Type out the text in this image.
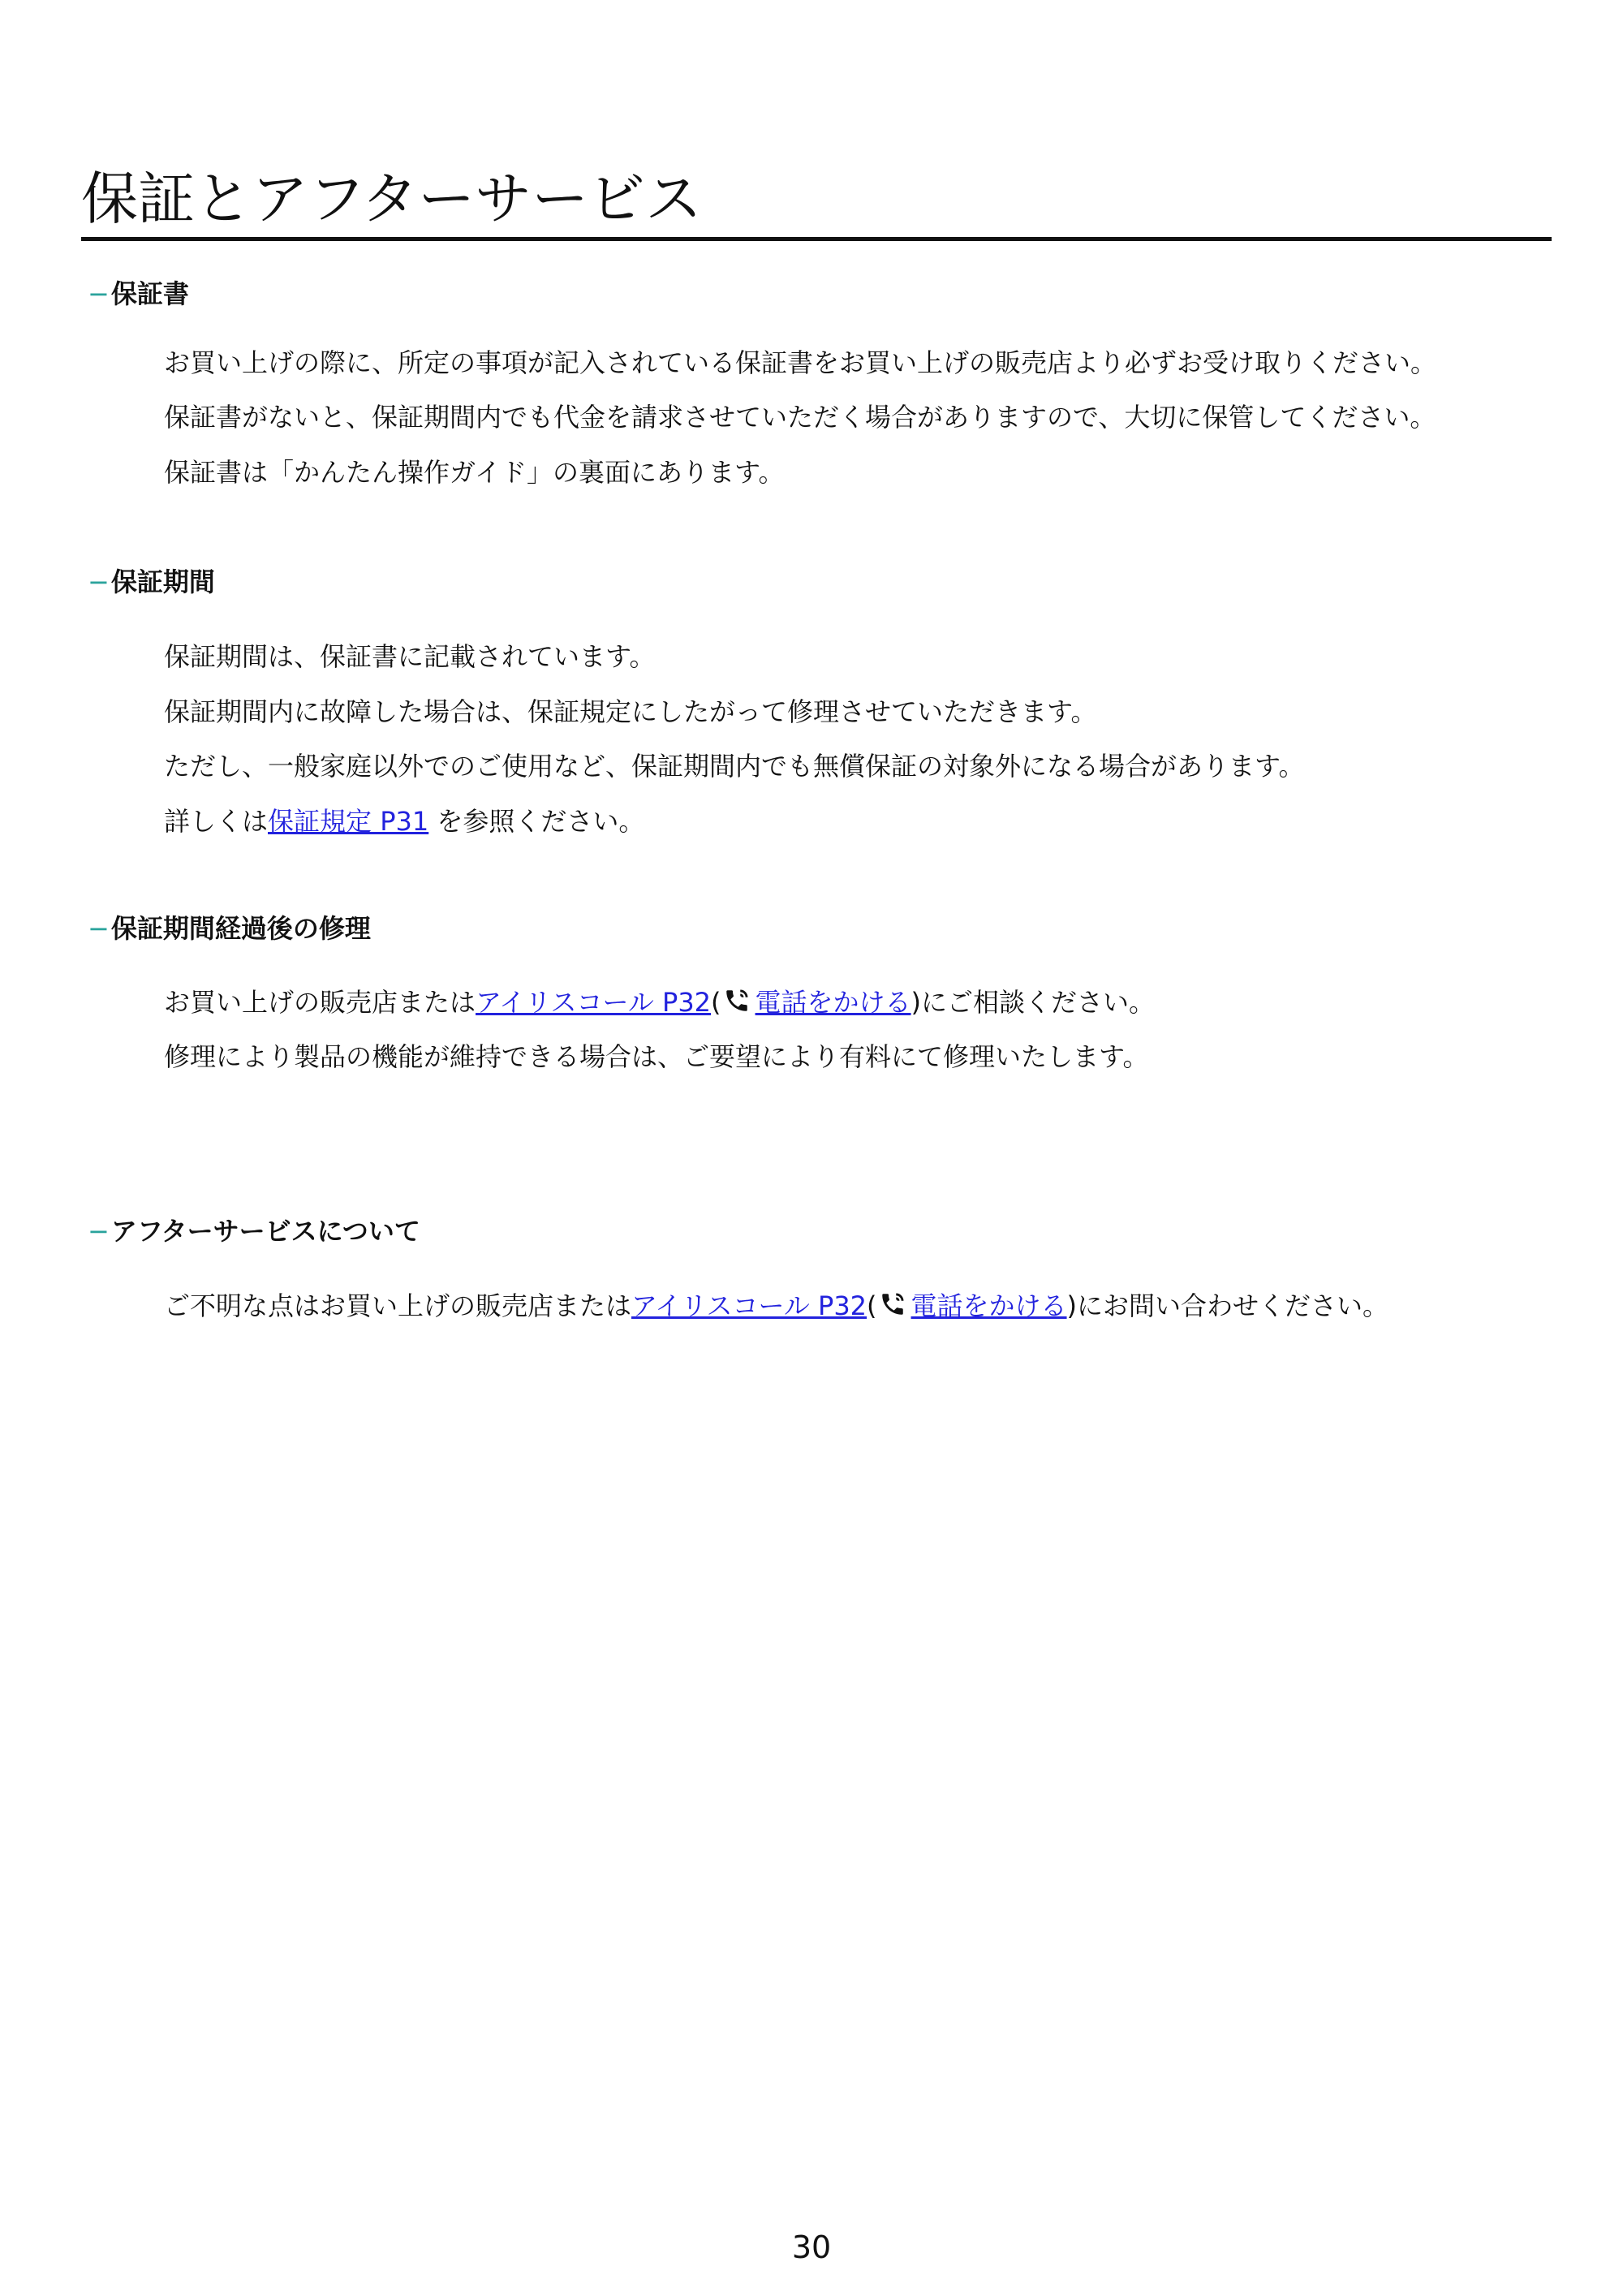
保証とアフターサービス
−保証書

お買い上げの際に、所定の事項が記入されている保証書をお買い上げの販売店より必ずお受け取りください。

保証書がないと、保証期間内でも代金を請求させていただく場合がありますので、大切に保管してください。

保証書は「かんたん操作ガイド」の裏面にあります。

−保証期間

保証期間は、保証書に記載されています。

保証期間内に故障した場合は、保証規定にしたがって修理させていただきます。

ただし、一般家庭以外でのご使用など、保証期間内でも無償保証の対象外になる場合があります。

詳しくは保証規定 P31 を参照ください。

−保証期間経過後の修理

お買い上げの販売店またはアイリスコール P32( 電話をかける)にご相談ください。

修理により製品の機能が維持できる場合は、ご要望により有料にて修理いたします。

−アフターサービスについて

ご不明な点はお買い上げの販売店またはアイリスコール P32( 電話をかける)にお問い合わせください。

30
